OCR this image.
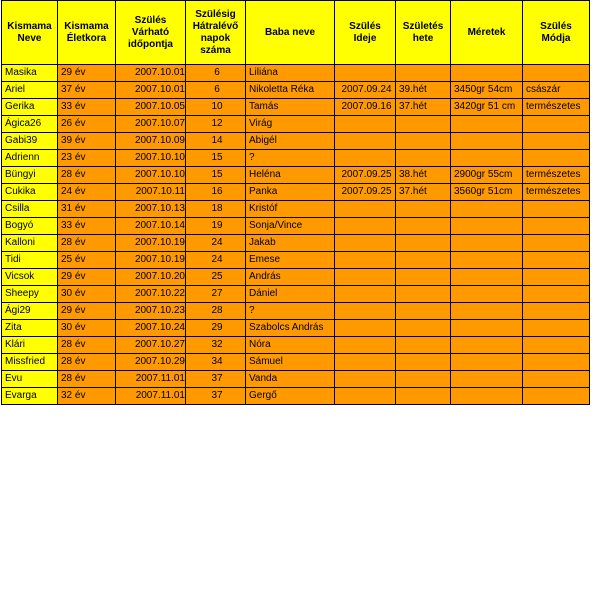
Kismama Neve	Kismama Életkora	Szülés Várható időpontja	Szülésig Hátralévő napok száma	Baba neve	Szülés Ideje	Születés hete	Méretek	Szülés Módja
Masika	29 év	2007.10.01	6	Liliána				
Ariel	37 év	2007.10.01	6	Nikoletta Réka	2007.09.24	39.hét	3450gr 54cm	császár
Gerika	33 év	2007.10.05	10	Tamás	2007.09.16	37.hét	3420gr 51 cm	természetes
Ágica26	26 év	2007.10.07	12	Virág				
Gabi39	39 év	2007.10.09	14	Abigél				
Adrienn	23 év	2007.10.10	15	?				
Büngyi	28 év	2007.10.10	15	Heléna	2007.09.25	38.hét	2900gr 55cm	természetes
Cukika	24 év	2007.10.11	16	Panka	2007.09.25	37.hét	3560gr 51cm	természetes
Csilla	31 év	2007.10.13	18	Kristóf				
Bogyó	33 év	2007.10.14	19	Sonja/Vince				
Kalloni	28 év	2007.10.19	24	Jakab				
Tidi	25 év	2007.10.19	24	Emese				
Vicsok	29 év	2007.10.20	25	András				
Sheepy	30 év	2007.10.22	27	Dániel				
Ági29	29 év	2007.10.23	28	?				
Zita	30 év	2007.10.24	29	Szabolcs András				
Klári	28 év	2007.10.27	32	Nóra				
Missfried	28 év	2007.10.29	34	Sámuel				
Evu	28 év	2007.11.01	37	Vanda				
Evarga	32 év	2007.11.01	37	Gergő				
